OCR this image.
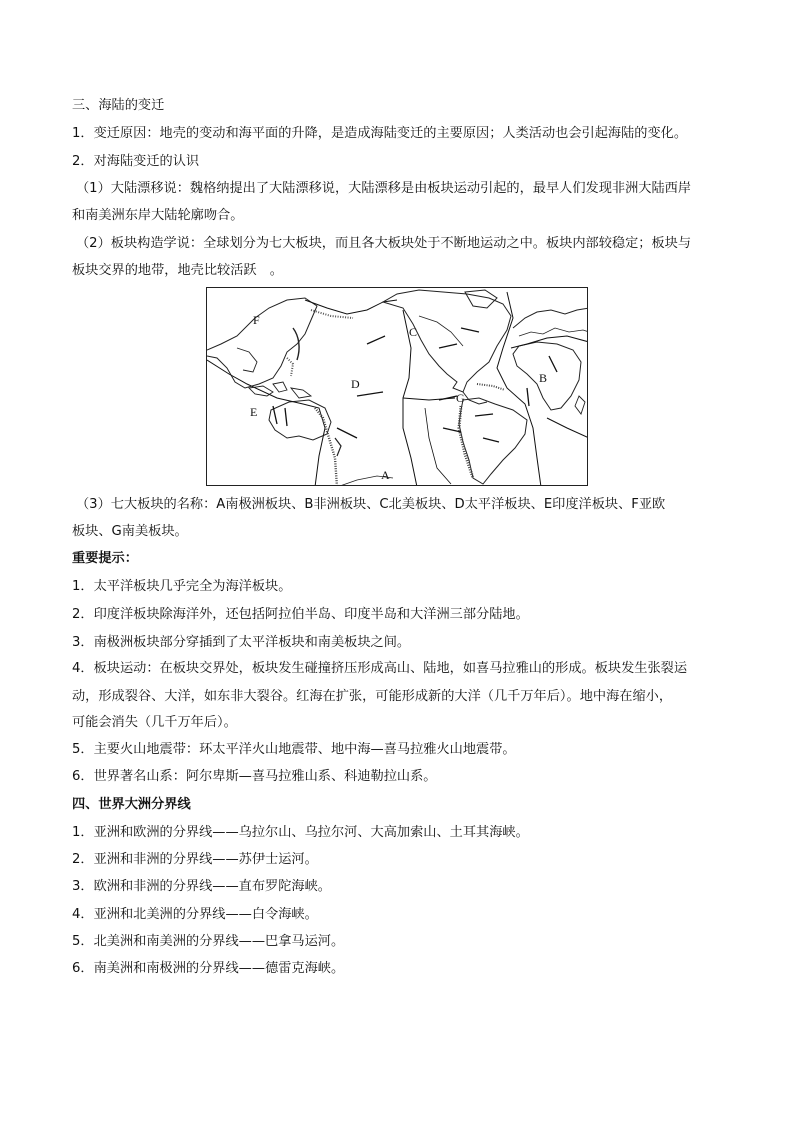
三、海陆的变迁
1．变迁原因：地壳的变动和海平面的升降，是造成海陆变迁的主要原因；人类活动也会引起海陆的变化。
2．对海陆变迁的认识
（1）大陆漂移说：魏格纳提出了大陆漂移说，大陆漂移是由板块运动引起的，最早人们发现非洲大陆西岸
和南美洲东岸大陆轮廓吻合。
（2）板块构造学说：全球划分为七大板块，而且各大板块处于不断地运动之中。板块内部较稳定；板块与
板块交界的地带，地壳比较活跃　。
F
C
B
D
E
G
A
（3）七大板块的名称：A南极洲板块、B非洲板块、C北美板块、D太平洋板块、E印度洋板块、F亚欧
板块、G南美板块。
重要提示：
1．太平洋板块几乎完全为海洋板块。
2．印度洋板块除海洋外，还包括阿拉伯半岛、印度半岛和大洋洲三部分陆地。
3．南极洲板块部分穿插到了太平洋板块和南美板块之间。
4．板块运动：在板块交界处，板块发生碰撞挤压形成高山、陆地，如喜马拉雅山的形成。板块发生张裂运
动，形成裂谷、大洋，如东非大裂谷。红海在扩张，可能形成新的大洋（几千万年后）。地中海在缩小，
可能会消失（几千万年后）。
5．主要火山地震带：环太平洋火山地震带、地中海—喜马拉雅火山地震带。
6．世界著名山系：阿尔卑斯—喜马拉雅山系、科迪勒拉山系。
四、世界大洲分界线
1．亚洲和欧洲的分界线——乌拉尔山、乌拉尔河、大高加索山、土耳其海峡。
2．亚洲和非洲的分界线——苏伊士运河。
3．欧洲和非洲的分界线——直布罗陀海峡。
4．亚洲和北美洲的分界线——白令海峡。
5．北美洲和南美洲的分界线——巴拿马运河。
6．南美洲和南极洲的分界线——德雷克海峡。
